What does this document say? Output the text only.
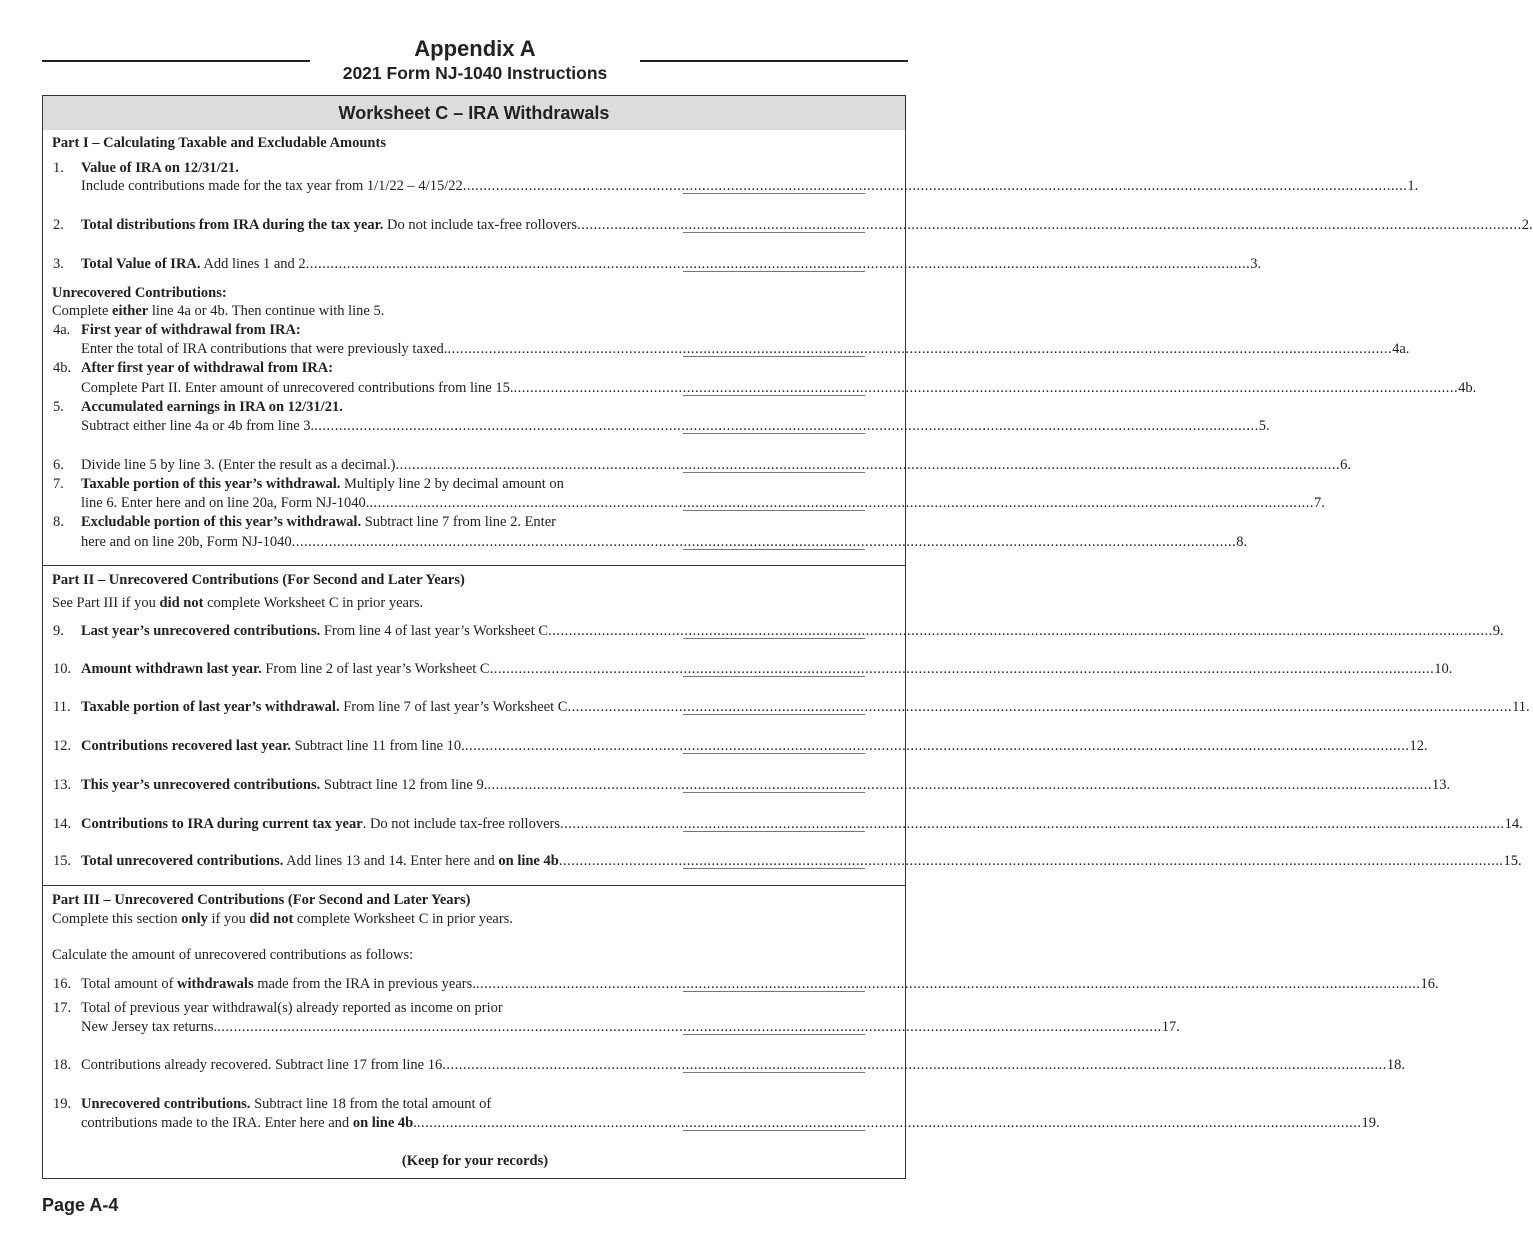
Appendix A
2021 Form NJ-1040 Instructions
Worksheet C – IRA Withdrawals
Part I – Calculating Taxable and Excludable Amounts
1.	Value of IRA on 12/31/21.
Include contributions made for the tax year from 1/1/22 – 4/15/22 .....	1.
2.	Total distributions from IRA during the tax year. Do not include tax-free rollovers .....	2.
3.	Total Value of IRA. Add lines 1 and 2 .....	3.
Unrecovered Contributions:
Complete either line 4a or 4b. Then continue with line 5.
4a. First year of withdrawal from IRA:
Enter the total of IRA contributions that were previously taxed. .....	4a.
4b. After first year of withdrawal from IRA:
Complete Part II. Enter amount of unrecovered contributions from line 15. .....	4b.
5.	Accumulated earnings in IRA on 12/31/21.
Subtract either line 4a or 4b from line 3. .....	5.
6.	Divide line 5 by line 3. (Enter the result as a decimal.) .....	6.
7.	Taxable portion of this year’s withdrawal. Multiply line 2 by decimal amount on
line 6. Enter here and on line 20a, Form NJ-1040. .....	7.
8.	Excludable portion of this year’s withdrawal. Subtract line 7 from line 2. Enter
here and on line 20b, Form NJ-1040 .....	8.
Part II – Unrecovered Contributions (For Second and Later Years)
See Part III if you did not complete Worksheet C in prior years.
9.	Last year’s unrecovered contributions. From line 4 of last year’s Worksheet C .....	9.
10. Amount withdrawn last year. From line 2 of last year’s Worksheet C .....	10.
11. Taxable portion of last year’s withdrawal. From line 7 of last year’s Worksheet C .....	11.
12. Contributions recovered last year. Subtract line 11 from line 10. .....	12.
13. This year’s unrecovered contributions. Subtract line 12 from line 9. .....	13.
14. Contributions to IRA during current tax year. Do not include tax-free rollovers .....	14.
15. Total unrecovered contributions. Add lines 13 and 14. Enter here and on line 4b .....	15.
Part III – Unrecovered Contributions (For Second and Later Years)
Complete this section only if you did not complete Worksheet C in prior years.
Calculate the amount of unrecovered contributions as follows:
16. Total amount of withdrawals made from the IRA in previous years. .....	16.
17. Total of previous year withdrawal(s) already reported as income on prior
New Jersey tax returns. .....	17.
18. Contributions already recovered. Subtract line 17 from line 16 .....	18.
19. Unrecovered contributions. Subtract line 18 from the total amount of
contributions made to the IRA. Enter here and on line 4b. .....	19.
(Keep for your records)
Page A-4
